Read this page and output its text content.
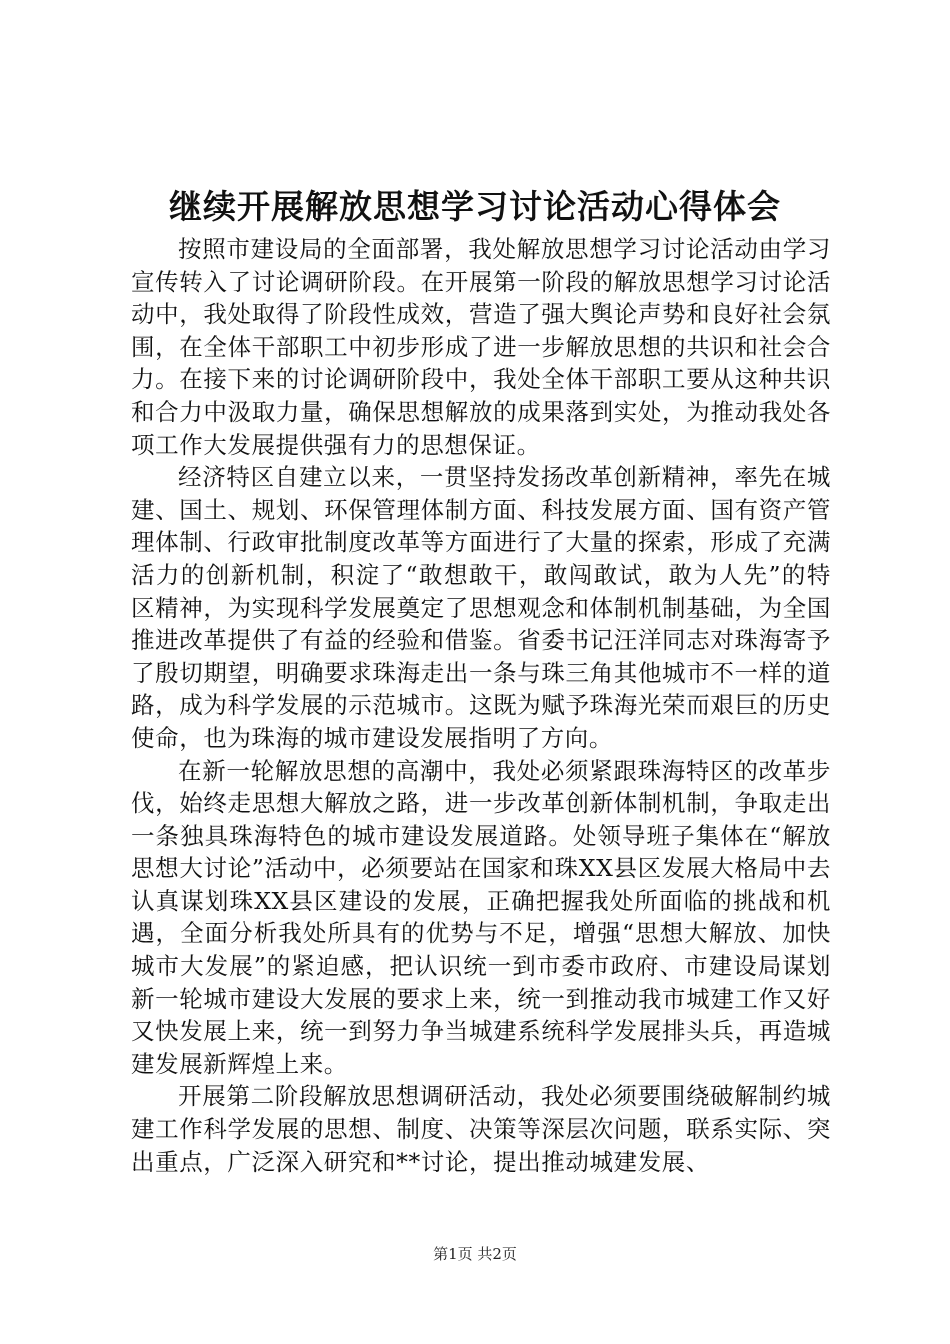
继续开展解放思想学习讨论活动心得体会

按照市建设局的全面部署，我处解放思想学习讨论活动由学习宣传转入了讨论调研阶段。在开展第一阶段的解放思想学习讨论活动中，我处取得了阶段性成效，营造了强大舆论声势和良好社会氛围，在全体干部职工中初步形成了进一步解放思想的共识和社会合力。在接下来的讨论调研阶段中，我处全体干部职工要从这种共识和合力中汲取力量，确保思想解放的成果落到实处，为推动我处各项工作大发展提供强有力的思想保证。

经济特区自建立以来，一贯坚持发扬改革创新精神，率先在城建、国土、规划、环保管理体制方面、科技发展方面、国有资产管理体制、行政审批制度改革等方面进行了大量的探索，形成了充满活力的创新机制，积淀了“敢想敢干，敢闯敢试，敢为人先”的特区精神，为实现科学发展奠定了思想观念和体制机制基础，为全国推进改革提供了有益的经验和借鉴。省委书记汪洋同志对珠海寄予了殷切期望，明确要求珠海走出一条与珠三角其他城市不一样的道路，成为科学发展的示范城市。这既为赋予珠海光荣而艰巨的历史使命，也为珠海的城市建设发展指明了方向。

在新一轮解放思想的高潮中，我处必须紧跟珠海特区的改革步伐，始终走思想大解放之路，进一步改革创新体制机制，争取走出一条独具珠海特色的城市建设发展道路。处领导班子集体在“解放思想大讨论”活动中，必须要站在国家和珠XX县区发展大格局中去认真谋划珠XX县区建设的发展，正确把握我处所面临的挑战和机遇，全面分析我处所具有的优势与不足，增强“思想大解放、加快城市大发展”的紧迫感，把认识统一到市委市政府、市建设局谋划新一轮城市建设大发展的要求上来，统一到推动我市城建工作又好又快发展上来，统一到努力争当城建系统科学发展排头兵，再造城建发展新辉煌上来。

开展第二阶段解放思想调研活动，我处必须要围绕破解制约城建工作科学发展的思想、制度、决策等深层次问题，联系实际、突出重点，广泛深入研究和**讨论，提出推动城建发展、

第1页 共2页
